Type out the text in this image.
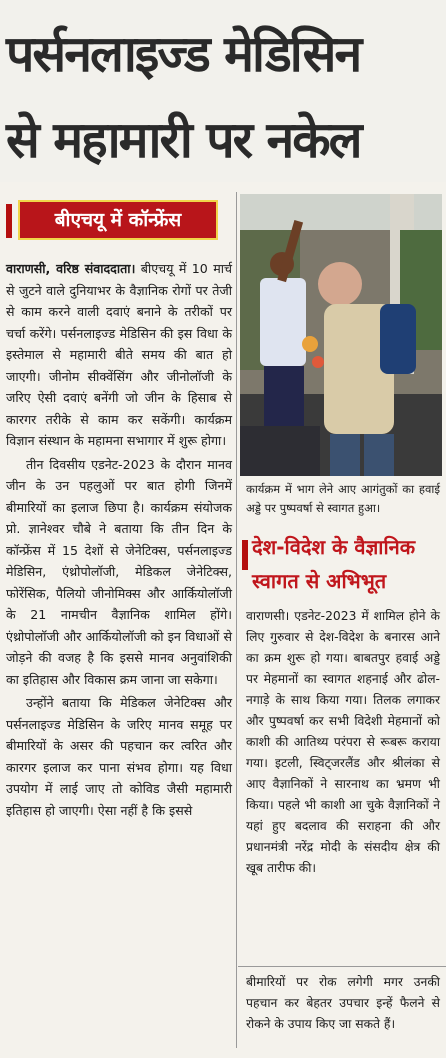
पर्सनलाइज्ड मेडिसिन
से महामारी पर नकेल
बीएचयू में कॉन्फ्रेंस

वाराणसी, वरिष्ठ संवाददाता। बीएचयू में 10 मार्च से जुटने वाले दुनियाभर के वैज्ञानिक रोगों पर तेजी से काम करने वाली दवाएं बनाने के तरीकों पर चर्चा करेंगे। पर्सनलाइज्ड मेडिसिन की इस विधा के इस्तेमाल से महामारी बीते समय की बात हो जाएगी। जीनोम सीक्वेंसिंग और जीनोलॉजी के जरिए ऐसी दवाएं बनेंगी जो जीन के हिसाब से कारगर तरीके से काम कर सकेंगी। कार्यक्रम विज्ञान संस्थान के महामना सभागार में शुरू होगा।

तीन दिवसीय एडनेट-2023 के दौरान मानव जीन के उन पहलुओं पर बात होगी जिनमें बीमारियों का इलाज छिपा है। कार्यक्रम संयोजक प्रो. ज्ञानेश्वर चौबे ने बताया कि तीन दिन के कॉन्फ्रेंस में 15 देशों से जेनेटिक्स, पर्सनलाइज्ड मेडिसिन, एंथ्रोपोलॉजी, मेडिकल जेनेटिक्स, फोरेंसिक, पैलियो जीनोमिक्स और आर्कियोलॉजी के 21 नामचीन वैज्ञानिक शामिल होंगे। एंथ्रोपोलॉजी और आर्कियोलॉजी को इन विधाओं से जोड़ने की वजह है कि इससे मानव अनुवांशिकी का इतिहास और विकास क्रम जाना जा सकेगा।

उन्होंने बताया कि मेडिकल जेनेटिक्स और पर्सनलाइज्ड मेडिसिन के जरिए मानव समूह पर बीमारियों के असर की पहचान कर त्वरित और कारगर इलाज कर पाना संभव होगा। यह विधा उपयोग में लाई जाए तो कोविड जैसी महामारी इतिहास हो जाएगी। ऐसा नहीं है कि इससे

कार्यक्रम में भाग लेने आए आगंतुकों का हवाई अड्डे पर पुष्पवर्षा से स्वागत हुआ।
देश-विदेश के वैज्ञानिक स्वागत से अभिभूत
वाराणसी। एडनेट-2023 में शामिल होने के लिए गुरुवार से देश-विदेश के बनारस आने का क्रम शुरू हो गया। बाबतपुर हवाई अड्डे पर मेहमानों का स्वागत शहनाई और ढोल-नगाड़े के साथ किया गया। तिलक लगाकर और पुष्पवर्षा कर सभी विदेशी मेहमानों को काशी की आतिथ्य परंपरा से रूबरू कराया गया। इटली, स्विट्जरलैंड और श्रीलंका से आए वैज्ञानिकों ने सारनाथ का भ्रमण भी किया। पहले भी काशी आ चुके वैज्ञानिकों ने यहां हुए बदलाव की सराहना की और प्रधानमंत्री नरेंद्र मोदी के संसदीय क्षेत्र की खूब तारीफ की।
बीमारियों पर रोक लगेगी मगर उनकी पहचान कर बेहतर उपचार इन्हें फैलने से रोकने के उपाय किए जा सकते हैं।
